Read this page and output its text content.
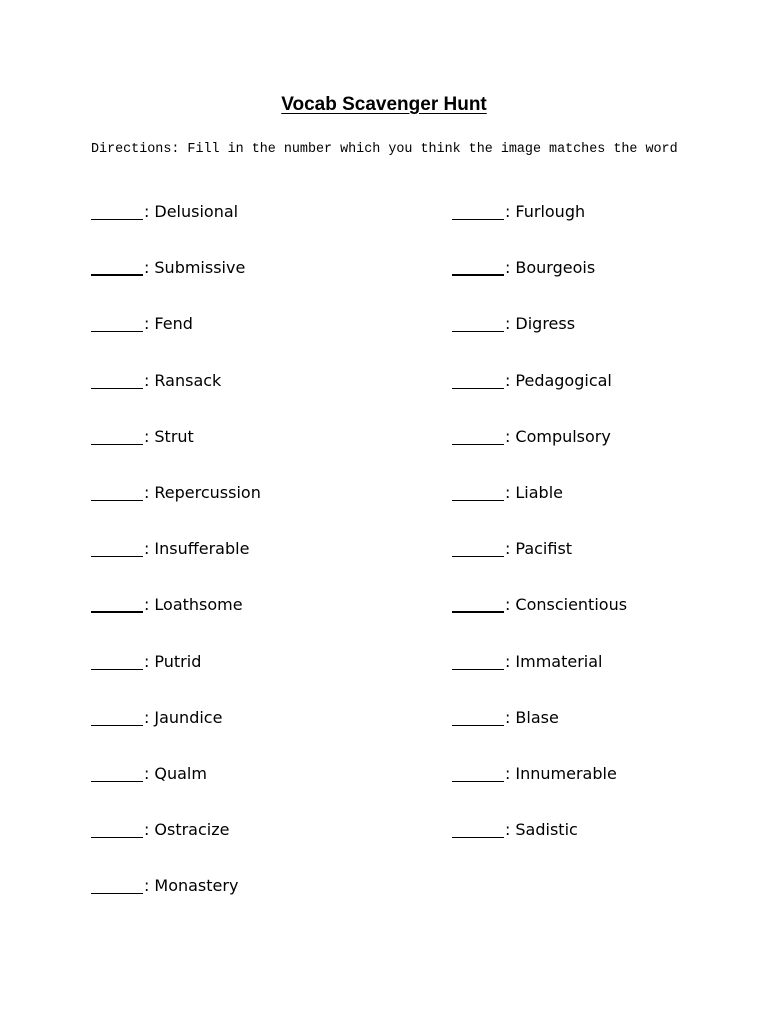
Vocab Scavenger Hunt

Directions: Fill in the number which you think the image matches the word

: Delusional
: Submissive
: Fend
: Ransack
: Strut
: Repercussion
: Insufferable
: Loathsome
: Putrid
: Jaundice
: Qualm
: Ostracize
: Monastery
: Furlough
: Bourgeois
: Digress
: Pedagogical
: Compulsory
: Liable
: Pacifist
: Conscientious
: Immaterial
: Blase
: Innumerable
: Sadistic
